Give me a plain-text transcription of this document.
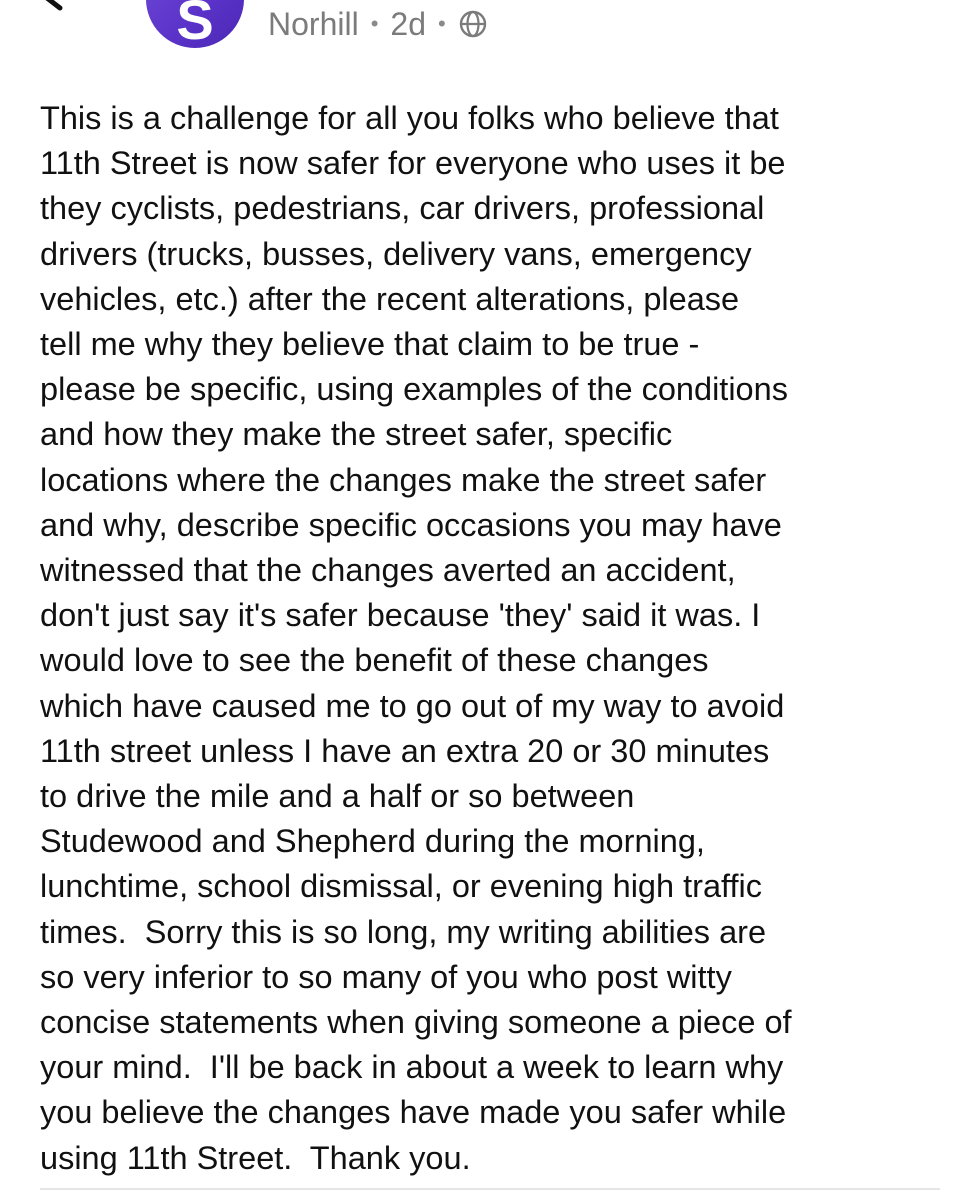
S	Norhill • 2d •

This is a challenge for all you folks who believe that
11th Street is now safer for everyone who uses it be
they cyclists, pedestrians, car drivers, professional
drivers (trucks, busses, delivery vans, emergency
vehicles, etc.) after the recent alterations, please
tell me why they believe that claim to be true -
please be specific, using examples of the conditions
and how they make the street safer, specific
locations where the changes make the street safer
and why, describe specific occasions you may have
witnessed that the changes averted an accident,
don't just say it's safer because 'they' said it was. I
would love to see the benefit of these changes
which have caused me to go out of my way to avoid
11th street unless I have an extra 20 or 30 minutes
to drive the mile and a half or so between
Studewood and Shepherd during the morning,
lunchtime, school dismissal, or evening high traffic
times.  Sorry this is so long, my writing abilities are
so very inferior to so many of you who post witty
concise statements when giving someone a piece of
your mind.  I'll be back in about a week to learn why
you believe the changes have made you safer while
using 11th Street.  Thank you.
